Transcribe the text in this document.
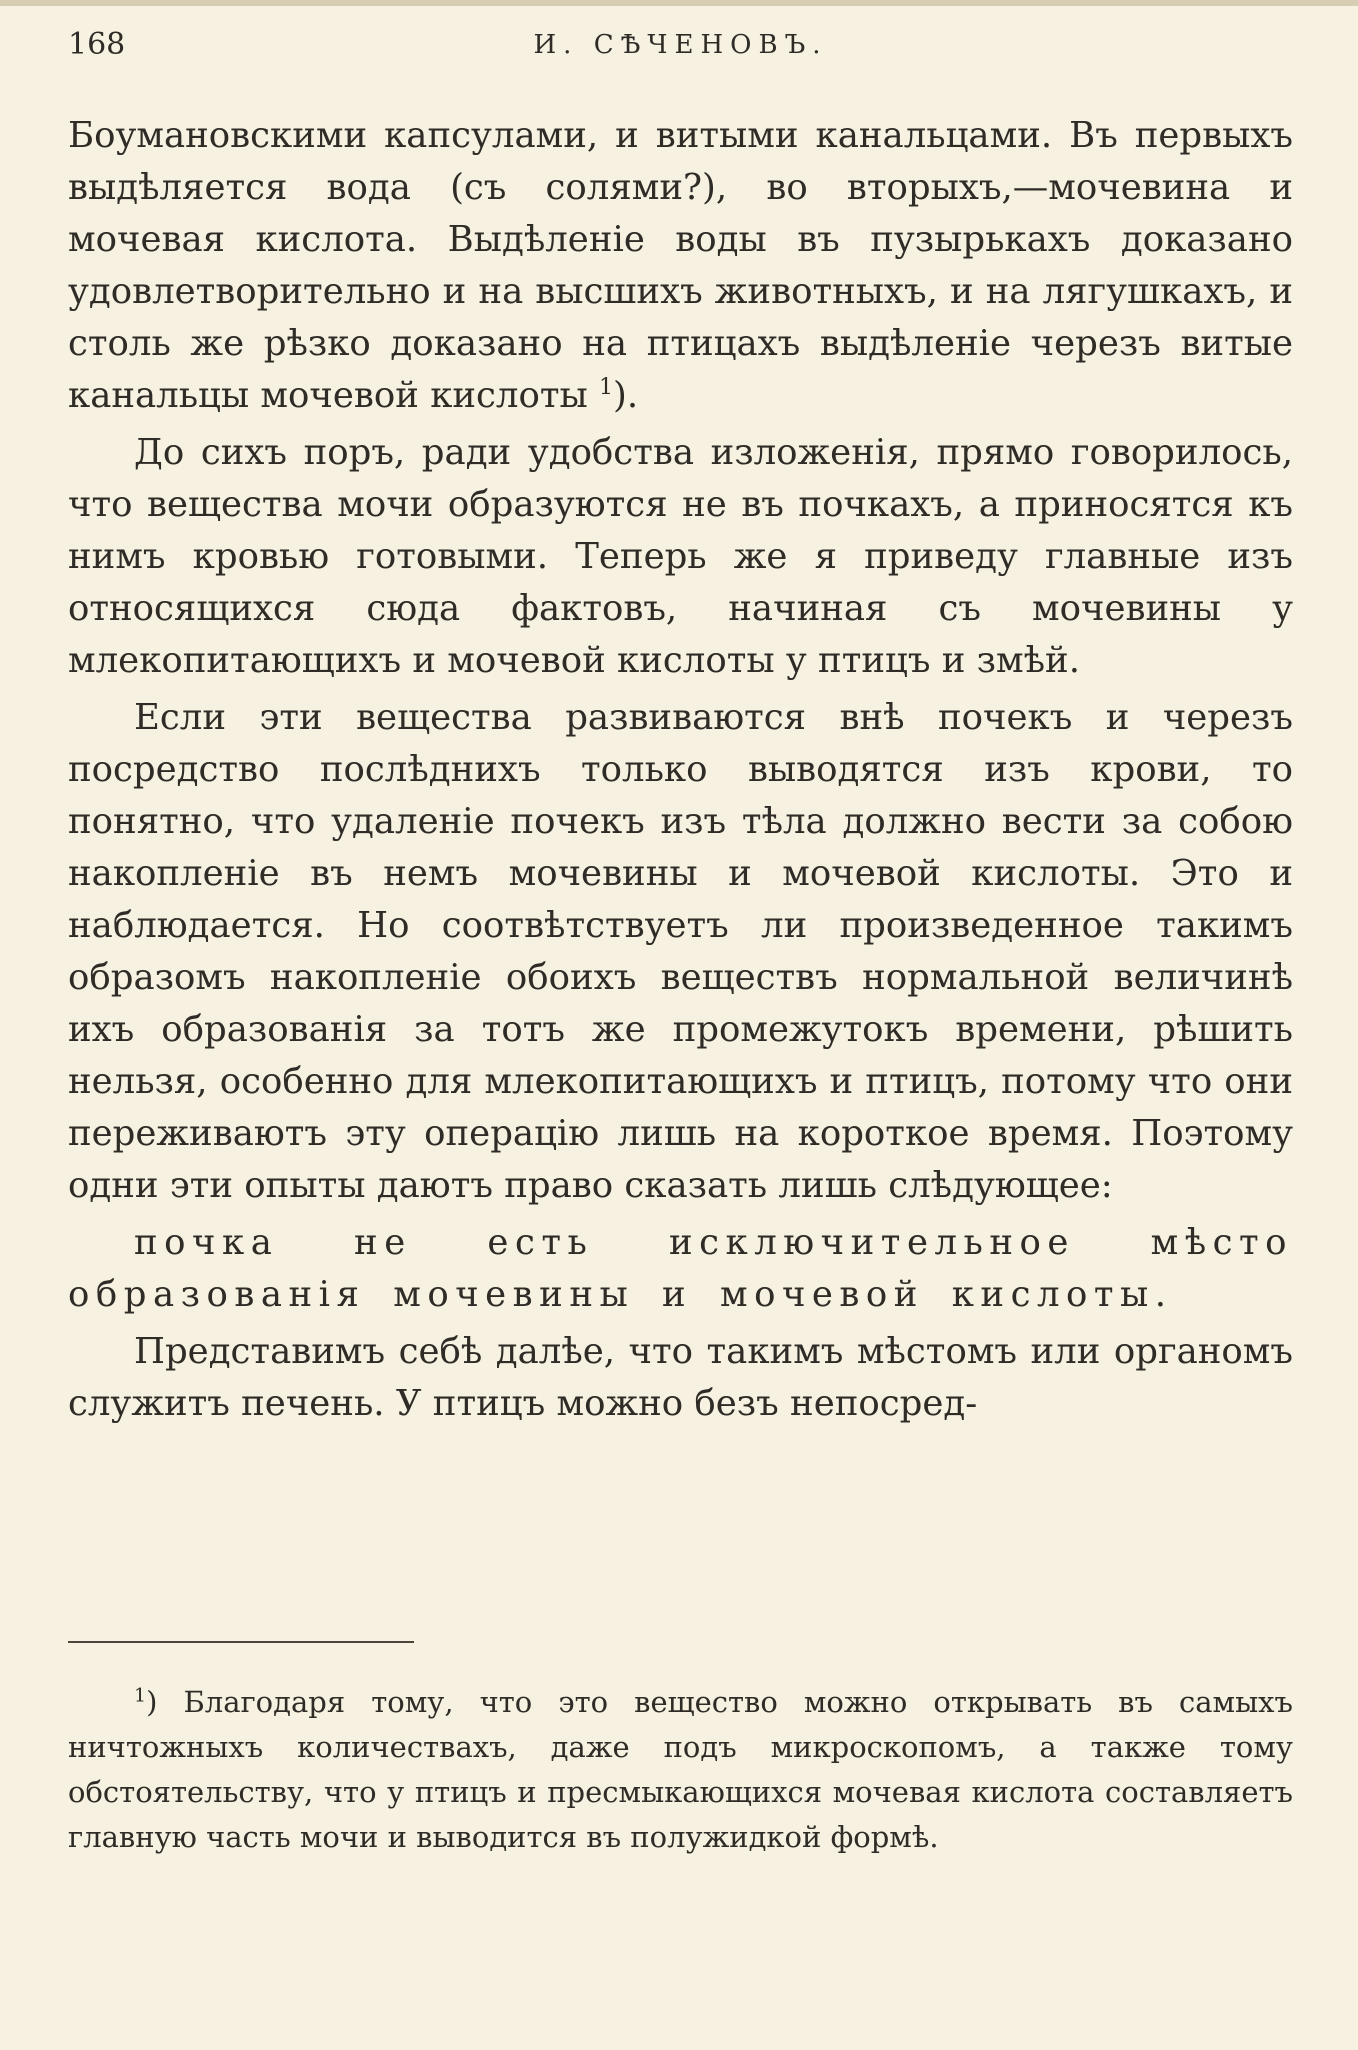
168	И. СѢЧЕНОВЪ.

Боумановскими капсулами, и витыми канальцами. Въ первыхъ выдѣляется вода (съ солями?), во вторыхъ,—мочевина и мочевая кислота. Выдѣленіе воды въ пузырькахъ доказано удовлетворительно и на высшихъ животныхъ, и на лягушкахъ, и столь же рѣзко доказано на птицахъ выдѣленіе черезъ витые канальцы мочевой кислоты $^1$).

До сихъ поръ, ради удобства изложенія, прямо говорилось, что вещества мочи образуются не въ почкахъ, а приносятся къ нимъ кровью готовыми. Теперь же я приведу главные изъ относящихся сюда фактовъ, начиная съ мочевины у млекопитающихъ и мочевой кислоты у птицъ и змѣй.

Если эти вещества развиваются внѣ почекъ и черезъ посредство послѣднихъ только выводятся изъ крови, то понятно, что удаленіе почекъ изъ тѣла должно вести за собою накопленіе въ немъ мочевины и мочевой кислоты. Это и наблюдается. Но соотвѣтствуетъ ли произведенное такимъ образомъ накопленіе обоихъ веществъ нормальной величинѣ ихъ образованія за тотъ же промежутокъ времени, рѣшить нельзя, особенно для млекопитающихъ и птицъ, потому что они переживаютъ эту операцію лишь на короткое время. Поэтому одни эти опыты даютъ право сказать лишь слѣдующее:

почка не есть исключительное мѣсто образованія мочевины и мочевой кислоты.

Представимъ себѣ далѣе, что такимъ мѣстомъ или органомъ служитъ печень. У птицъ можно безъ непосред-

$^1$) Благодаря тому, что это вещество можно открывать въ самыхъ ничтожныхъ количествахъ, даже подъ микроскопомъ, а также тому обстоятельству, что у птицъ и пресмыкающихся мочевая кислота составляетъ главную часть мочи и выводится въ полужидкой формѣ.
